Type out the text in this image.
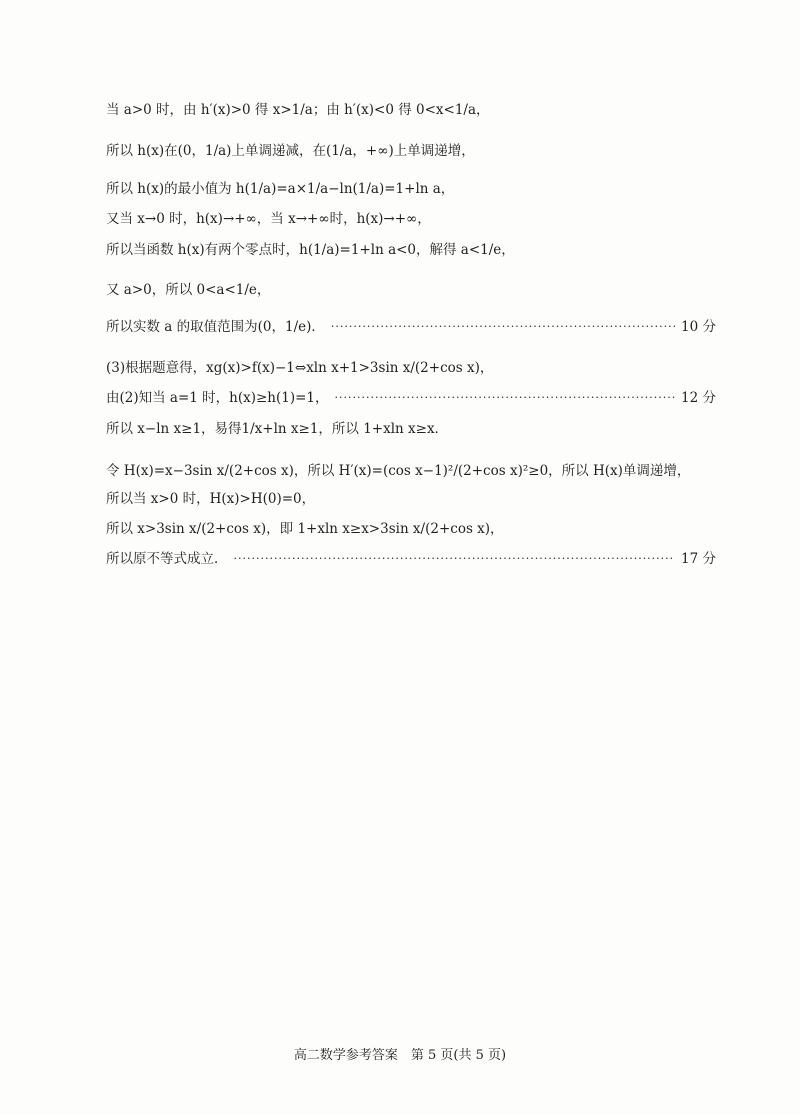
当 a>0 时，由 h′(x)>0 得 x>1/a；由 h′(x)<0 得 0<x<1/a，
所以 h(x)在(0，1/a)上单调递减，在(1/a，+∞)上单调递增，
所以 h(x)的最小值为 h(1/a)=a×1/a−ln(1/a)=1+ln a，
又当 x→0 时，h(x)→+∞，当 x→+∞时，h(x)→+∞，
所以当函数 h(x)有两个零点时，h(1/a)=1+ln a<0，解得 a<1/e，
又 a>0，所以 0<a<1/e，
所以实数 a 的取值范围为(0，1/e)． ·····	10 分
(3)根据题意得，xg(x)>f(x)−1⇔xln x+1>3sin x/(2+cos x)，
由(2)知当 a=1 时，h(x)≥h(1)=1， ·····	12 分
所以 x−ln x≥1，易得1/x+ln x≥1，所以 1+xln x≥x．
令 H(x)=x−3sin x/(2+cos x)，所以 H′(x)=(cos x−1)²/(2+cos x)²≥0，所以 H(x)单调递增，
所以当 x>0 时，H(x)>H(0)=0，
所以 x>3sin x/(2+cos x)，即 1+xln x≥x>3sin x/(2+cos x)，
所以原不等式成立． ·····	17 分
高二数学参考答案　第 5 页(共 5 页)
